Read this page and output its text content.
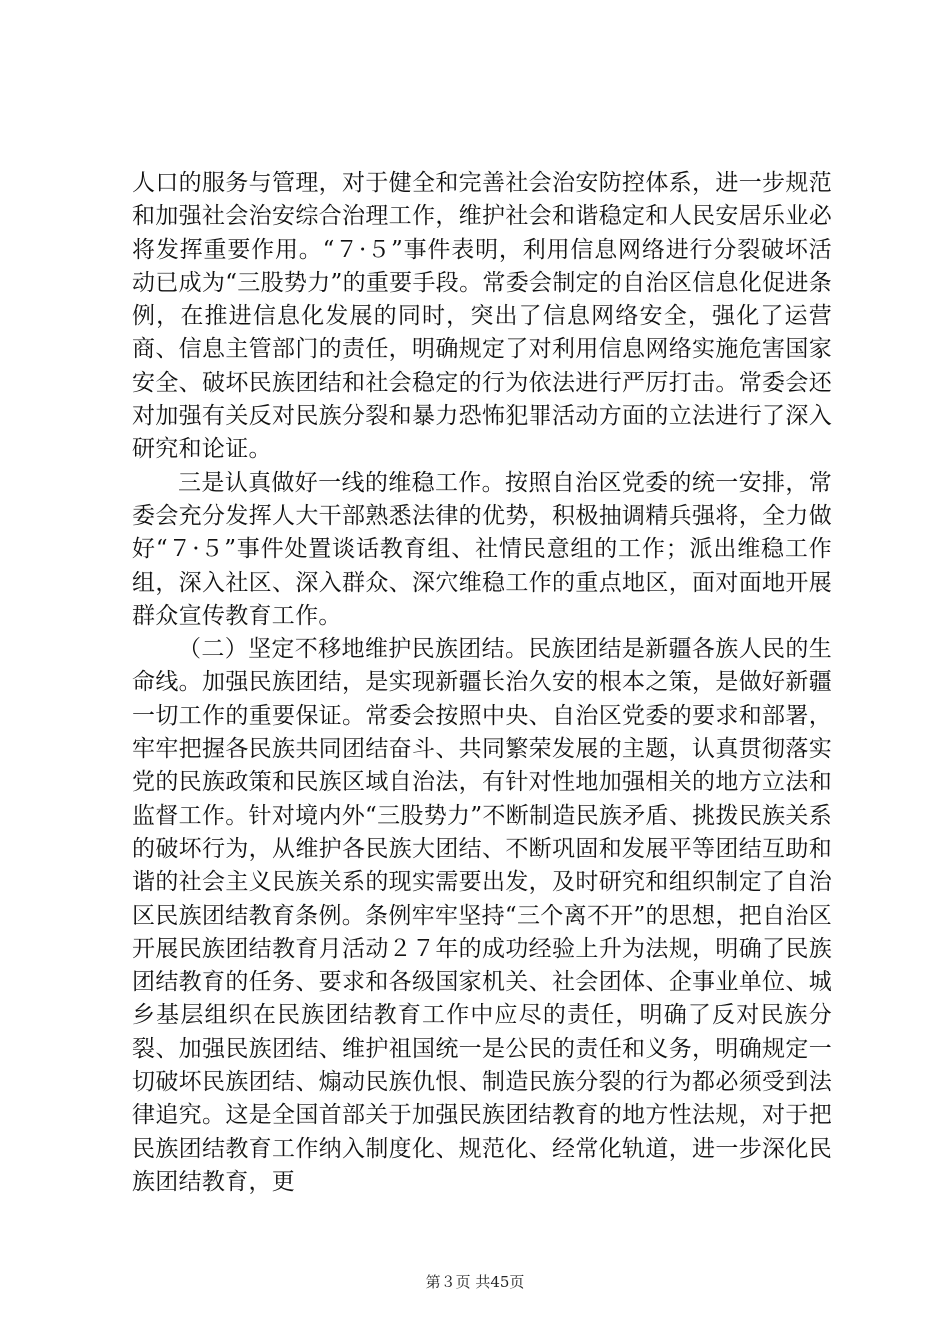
人口的服务与管理，对于健全和完善社会治安防控体系，进一步规范和加强社会治安综合治理工作，维护社会和谐稳定和人民安居乐业必将发挥重要作用。“７·５”事件表明，利用信息网络进行分裂破坏活动已成为“三股势力”的重要手段。常委会制定的自治区信息化促进条例，在推进信息化发展的同时，突出了信息网络安全，强化了运营商、信息主管部门的责任，明确规定了对利用信息网络实施危害国家安全、破坏民族团结和社会稳定的行为依法进行严厉打击。常委会还对加强有关反对民族分裂和暴力恐怖犯罪活动方面的立法进行了深入研究和论证。

三是认真做好一线的维稳工作。按照自治区党委的统一安排，常委会充分发挥人大干部熟悉法律的优势，积极抽调精兵强将，全力做好“７·５”事件处置谈话教育组、社情民意组的工作；派出维稳工作组，深入社区、深入群众、深穴维稳工作的重点地区，面对面地开展群众宣传教育工作。

（二）坚定不移地维护民族团结。民族团结是新疆各族人民的生命线。加强民族团结，是实现新疆长治久安的根本之策，是做好新疆一切工作的重要保证。常委会按照中央、自治区党委的要求和部署，牢牢把握各民族共同团结奋斗、共同繁荣发展的主题，认真贯彻落实党的民族政策和民族区域自治法，有针对性地加强相关的地方立法和监督工作。针对境内外“三股势力”不断制造民族矛盾、挑拨民族关系的破坏行为，从维护各民族大团结、不断巩固和发展平等团结互助和谐的社会主义民族关系的现实需要出发，及时研究和组织制定了自治区民族团结教育条例。条例牢牢坚持“三个离不开”的思想，把自治区开展民族团结教育月活动２７年的成功经验上升为法规，明确了民族团结教育的任务、要求和各级国家机关、社会团体、企事业单位、城乡基层组织在民族团结教育工作中应尽的责任，明确了反对民族分裂、加强民族团结、维护祖国统一是公民的责任和义务，明确规定一切破坏民族团结、煽动民族仇恨、制造民族分裂的行为都必须受到法律追究。这是全国首部关于加强民族团结教育的地方性法规，对于把民族团结教育工作纳入制度化、规范化、经常化轨道，进一步深化民族团结教育，更

第３页 共45页
